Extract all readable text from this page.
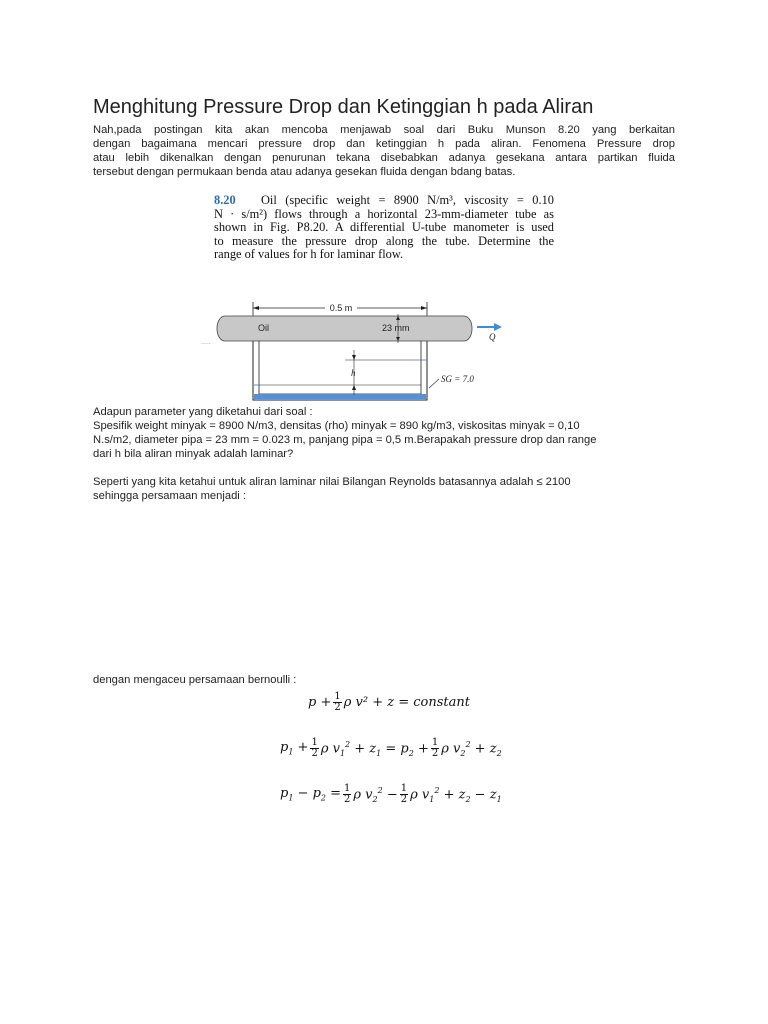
Menghitung Pressure Drop dan Ketinggian h pada Aliran
Nah,pada postingan kita akan mencoba menjawab soal dari Buku Munson 8.20 yang berkaitan
dengan bagaimana mencari pressure drop dan ketinggian h pada aliran. Fenomena Pressure drop
atau lebih dikenalkan dengan penurunan tekana disebabkan adanya gesekana antara partikan fluida
tersebut dengan permukaan benda atau adanya gesekan fluida dengan bdang batas.
8.20 Oil (specific weight = 8900 N/m³, viscosity = 0.10
N · s/m²) flows through a horizontal 23-mm-diameter tube as
shown in Fig. P8.20. A differential U-tube manometer is used
to measure the pressure drop along the tube. Determine the
range of values for h for laminar flow.
0.5 m
Oil	23 mm
Q
.....
h
SG = 7.0
Adapun parameter yang diketahui dari soal :
Spesifik weight minyak = 8900 N/m3, densitas (rho) minyak = 890 kg/m3, viskositas minyak = 0,10
N.s/m2, diameter pipa = 23 mm = 0.023 m, panjang pipa = 0,5 m.Berapakah pressure drop dan range
dari h bila aliran minyak adalah laminar?
Seperti yang kita ketahui untuk aliran laminar nilai Bilangan Reynolds batasannya adalah ≤ 2100
sehingga persamaan menjadi :
dengan mengaceu persamaan bernoulli :
$p + \frac{1}{2}$ ρ v² + z = constant
$p_1 + \frac{1}{2}$ ρ $v_1^2 + z_1 = p_2 + \frac{1}{2}$ ρ $v_2^2 + z_2$
$p_1 - p_2 = \frac{1}{2}$ ρ $v_2^2 - \frac{1}{2}$ ρ $v_1^2 + z_2 - z_1$
